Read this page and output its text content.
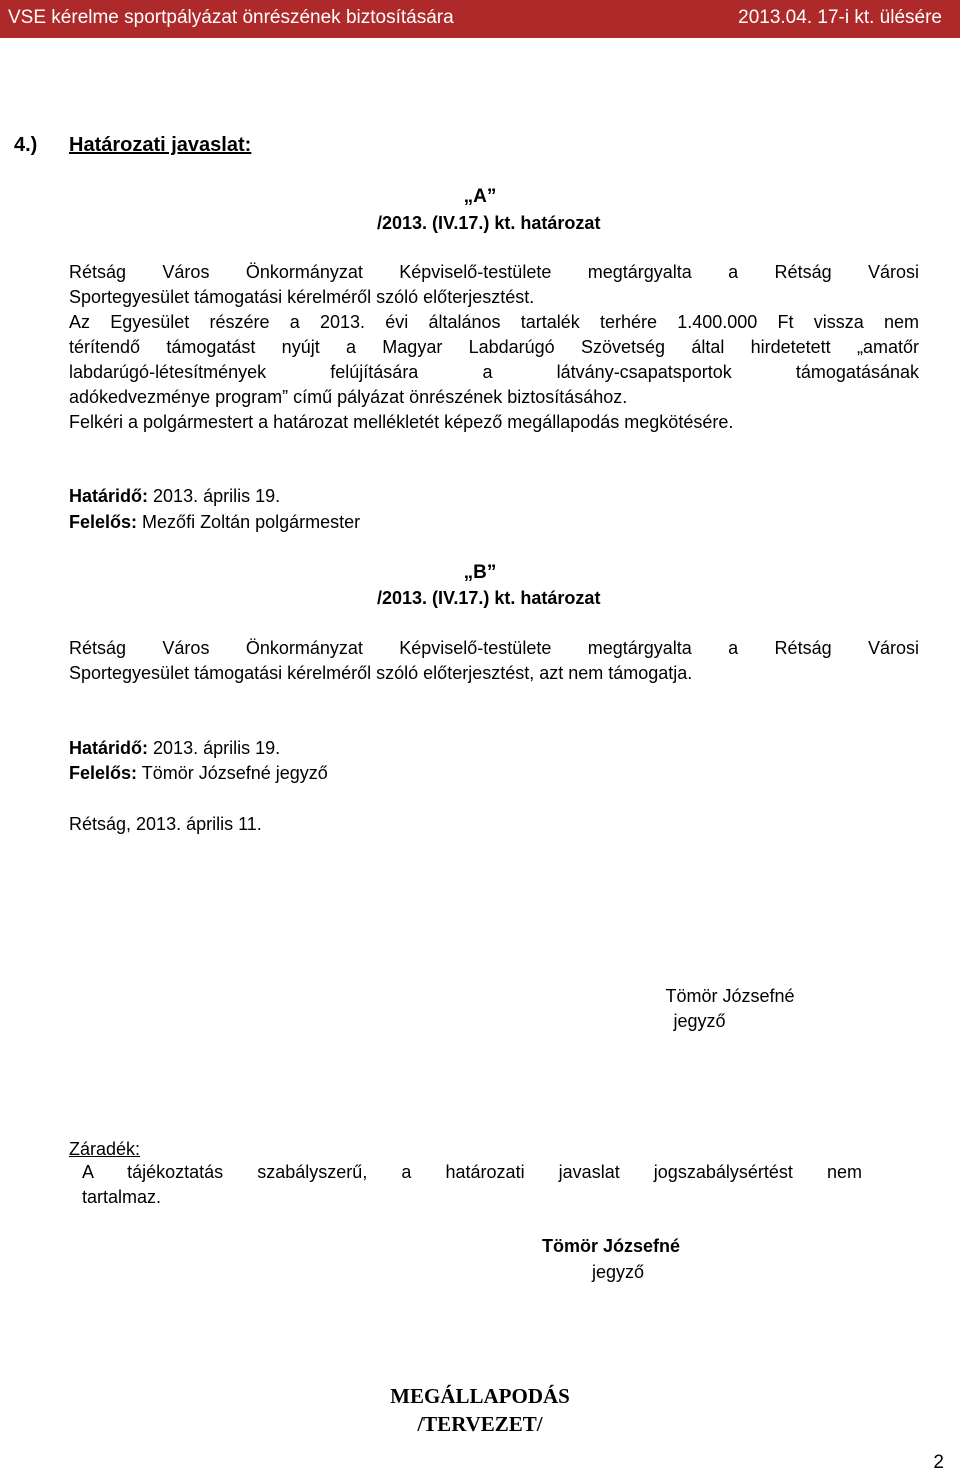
VSE kérelme sportpályázat önrészének biztosítására	2013.04. 17-i kt. ülésére
4.) Határozati javaslat:
„A”
/2013. (IV.17.) kt. határozat
Rétság Város Önkormányzat Képviselő-testülete megtárgyalta a Rétság Városi
Sportegyesület támogatási kérelméről szóló előterjesztést.
Az Egyesület részére a 2013. évi általános tartalék terhére 1.400.000 Ft vissza nem
térítendő támogatást nyújt a Magyar Labdarúgó Szövetség által hirdetetett „amatőr
labdarúgó-létesítmények felújítására a látvány-csapatsportok támogatásának
adókedvezménye program” című pályázat önrészének biztosításához.
Felkéri a polgármestert a határozat mellékletét képező megállapodás megkötésére.
Határidő: 2013. április 19.
Felelős: Mezőfi Zoltán polgármester
„B”
/2013. (IV.17.) kt. határozat
Rétság Város Önkormányzat Képviselő-testülete megtárgyalta a Rétság Városi
Sportegyesület támogatási kérelméről szóló előterjesztést, azt nem támogatja.
Határidő: 2013. április 19.
Felelős: Tömör Józsefné jegyző
Rétság, 2013. április 11.
Tömör Józsefné
jegyző
Záradék:
A tájékoztatás szabályszerű, a határozati javaslat jogszabálysértést nem
tartalmaz.
Tömör Józsefné
jegyző
MEGÁLLAPODÁS
/TERVEZET/
2
